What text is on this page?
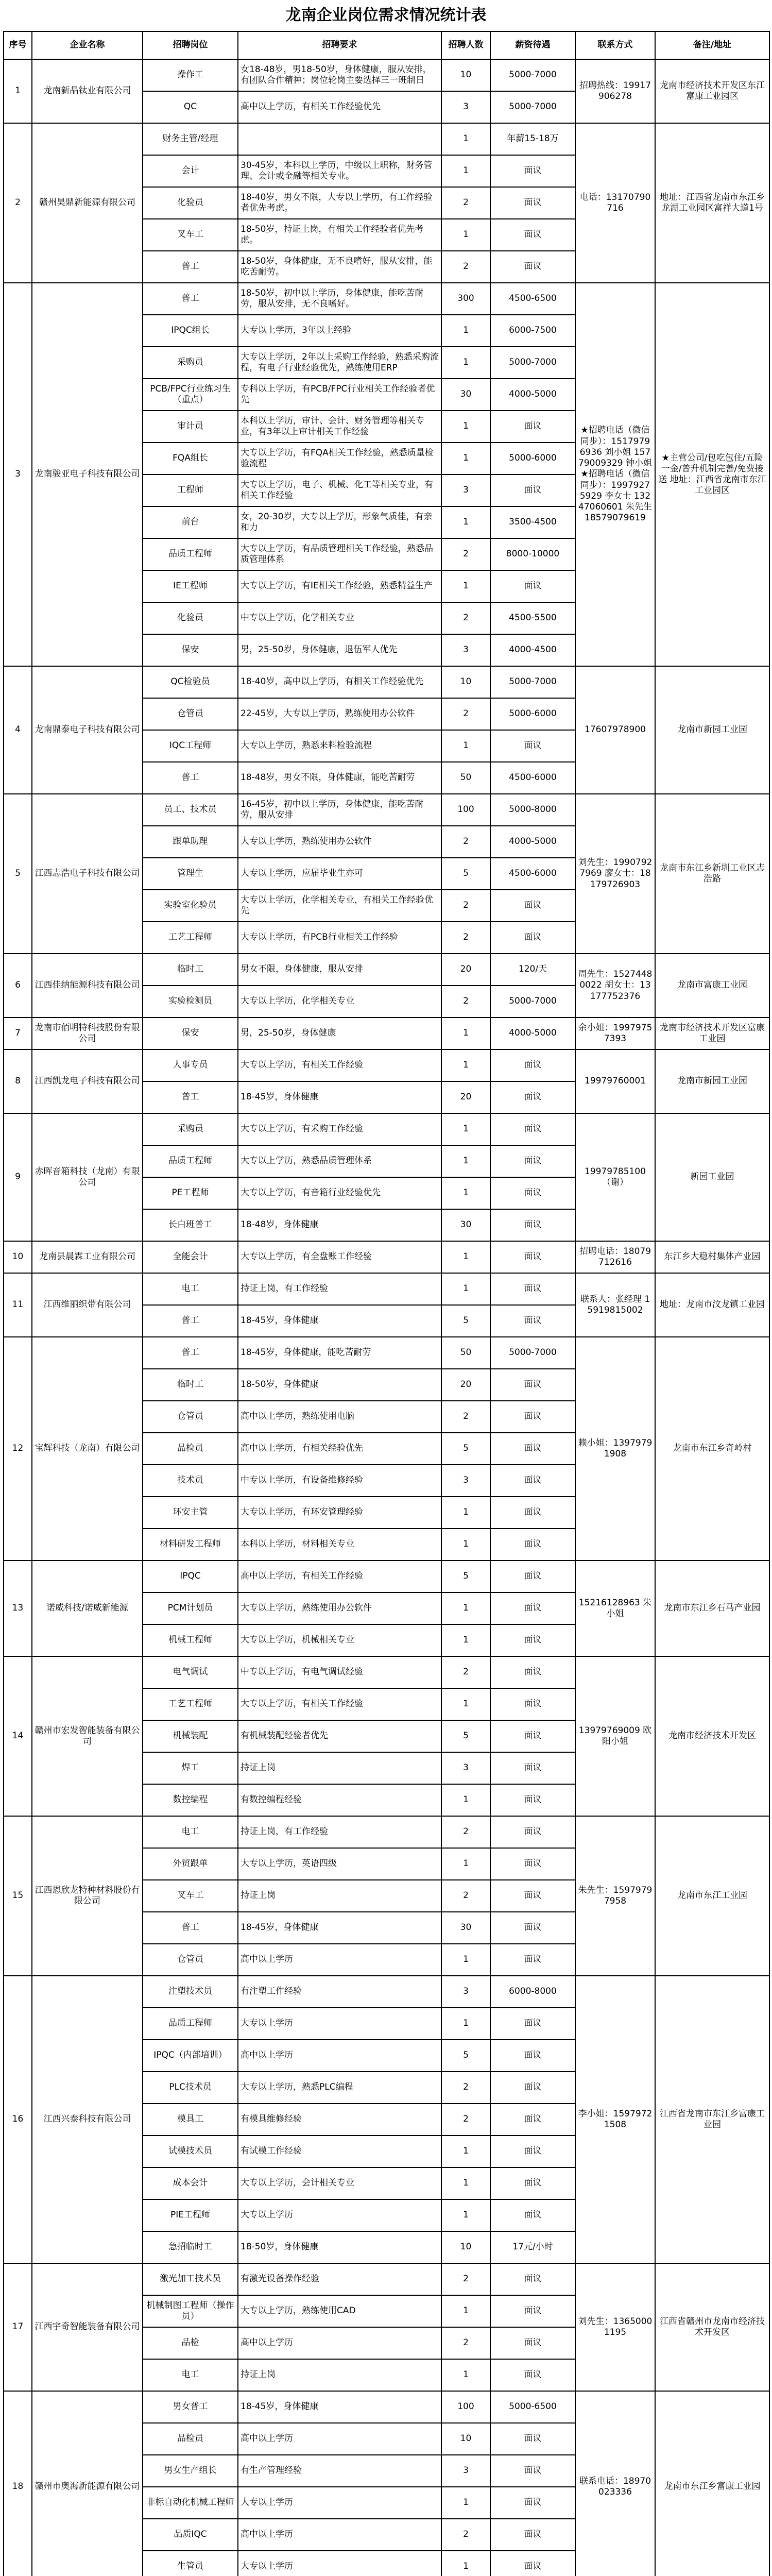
龙南企业岗位需求情况统计表
序号	企业名称	招聘岗位	招聘要求	招聘人数	薪资待遇	联系方式	备注/地址
1	龙南新晶钛业有限公司	操作工	女18-48岁，男18-50岁，身体健康，服从安排，有团队合作精神；岗位轮岗主要选择三一班制日	10	5000-7000	招聘热线：19917906278	龙南市经济技术开发区东江富康工业园区
		QC	高中以上学历，有相关工作经验优先	3	5000-7000		
2	赣州昊鼎新能源有限公司	财务主管/经理		1	年薪15-18万	电话：13170790716	地址：江西省龙南市东江乡龙湖工业园区富祥大道1号
		会计	30-45岁，本科以上学历，中级以上职称，财务管理、会计或金融等相关专业。	1	面议		
		化验员	18-40岁，男女不限，大专以上学历，有工作经验者优先考虑。	2	面议		
		叉车工	18-50岁，持证上岗，有相关工作经验者优先考虑。	1	面议		
		普工	18-50岁，身体健康，无不良嗜好，服从安排，能吃苦耐劳。	2	面议		
3	龙南骏亚电子科技有限公司	普工	18-50岁，初中以上学历，身体健康，能吃苦耐劳，服从安排，无不良嗜好。	300	4500-6500	★招聘电话（微信同步）：15179796936 刘小姐 15779009329 钟小姐 ★招聘电话（微信同步）：19979275929 李女士 13247060601 朱先生 18579079619	★主营公司/包吃包住/五险一金/普升机制完善/免费接送 地址：江西省龙南市东江工业园区
		IPQC组长	大专以上学历，3年以上经验	1	6000-7500		
		采购员	大专以上学历，2年以上采购工作经验，熟悉采购流程，有电子行业经验优先，熟练使用ERP	1	5000-7000		
		PCB/FPC行业练习生（重点）	专科以上学历，有PCB/FPC行业相关工作经验者优先	30	4000-5000		
		审计员	本科以上学历，审计、会计、财务管理等相关专业，有3年以上审计相关工作经验	1	面议		
		FQA组长	大专以上学历，有FQA相关工作经验，熟悉质量检验流程	1	5000-6000		
		工程师	大专以上学历，电子、机械、化工等相关专业，有相关工作经验	3	面议		
		前台	女，20-30岁，大专以上学历，形象气质佳，有亲和力	1	3500-4500		
		品质工程师	大专以上学历，有品质管理相关工作经验，熟悉品质管理体系	2	8000-10000		
		IE工程师	大专以上学历，有IE相关工作经验，熟悉精益生产	1	面议		
		化验员	中专以上学历，化学相关专业	2	4500-5500		
		保安	男，25-50岁，身体健康，退伍军人优先	3	4000-4500		
4	龙南鼎泰电子科技有限公司	QC检验员	18-40岁，高中以上学历，有相关工作经验优先	10	5000-7000	17607978900	龙南市新园工业园
		仓管员	22-45岁，大专以上学历，熟练使用办公软件	2	5000-6000		
		IQC工程师	大专以上学历，熟悉来料检验流程	1	面议		
		普工	18-48岁，男女不限，身体健康，能吃苦耐劳	50	4500-6000		
5	江西志浩电子科技有限公司	员工、技术员	16-45岁，初中以上学历，身体健康，能吃苦耐劳，服从安排	100	5000-8000	刘先生：19907927969 廖女士：18179726903	龙南市东江乡新圳工业区志浩路
		跟单助理	大专以上学历，熟练使用办公软件	2	4000-5000		
		管理生	大专以上学历，应届毕业生亦可	5	4500-6000		
		实验室化验员	大专以上学历，化学相关专业，有相关工作经验优先	2	面议		
		工艺工程师	大专以上学历，有PCB行业相关工作经验	2	面议		
6	江西佳纳能源科技有限公司	临时工	男女不限，身体健康，服从安排	20	120/天	周先生：15274480022 胡女士：13177752376	龙南市富康工业园
		实验检测员	大专以上学历，化学相关专业	2	5000-7000		
7	龙南市佰明特科技股份有限公司	保安	男，25-50岁，身体健康	1	4000-5000	余小姐：19979757393	龙南市经济技术开发区富康工业园
8	江西凯龙电子科技有限公司	人事专员	大专以上学历，有相关工作经验	1	面议	19979760001	龙南市新园工业园
		普工	18-45岁，身体健康	20	面议		
9	赤晖音箱科技（龙南）有限公司	采购员	大专以上学历，有采购工作经验	1	面议	19979785100（谢）	新园工业园
		品质工程师	大专以上学历，熟悉品质管理体系	1	面议		
		PE工程师	大专以上学历，有音箱行业经验优先	1	面议		
		长白班普工	18-48岁，身体健康	30	面议		
10	龙南县晨霖工业有限公司	全能会计	大专以上学历，有全盘账工作经验	1	面议	招聘电话：18079712616	东江乡大稳村集体产业园
11	江西维丽织带有限公司	电工	持证上岗，有工作经验	1	面议	联系人：张经理 15919815002	地址：龙南市汶龙镇工业园
		普工	18-45岁，身体健康	5	面议		
12	宝辉科技（龙南）有限公司	普工	18-45岁，身体健康，能吃苦耐劳	50	5000-7000	赖小姐：13979791908	龙南市东江乡奇岭村
		临时工	18-50岁，身体健康	20	面议		
		仓管员	高中以上学历，熟练使用电脑	2	面议		
		品检员	高中以上学历，有相关经验优先	5	面议		
		技术员	中专以上学历，有设备维修经验	3	面议		
		环安主管	大专以上学历，有环安管理经验	1	面议		
		材料研发工程师	本科以上学历，材料相关专业	1	面议		
13	诺威科技/诺威新能源	IPQC	高中以上学历，有相关工作经验	5	面议	15216128963 朱小姐	龙南市东江乡石马产业园
		PCM计划员	大专以上学历，熟练使用办公软件	1	面议		
		机械工程师	大专以上学历，机械相关专业	1	面议		
14	赣州市宏发智能装备有限公司	电气调试	中专以上学历，有电气调试经验	2	面议	13979769009 欧阳小姐	龙南市经济技术开发区
		工艺工程师	大专以上学历，有相关工作经验	1	面议		
		机械装配	有机械装配经验者优先	5	面议		
		焊工	持证上岗	3	面议		
		数控编程	有数控编程经验	1	面议		
15	江西恩欣龙特种材料股份有限公司	电工	持证上岗，有工作经验	2	面议	朱先生：15979797958	龙南市东江工业园
		外贸跟单	大专以上学历，英语四级	1	面议		
		叉车工	持证上岗	2	面议		
		普工	18-45岁，身体健康	30	面议		
		仓管员	高中以上学历	1	面议		
16	江西兴泰科技有限公司	注塑技术员	有注塑工作经验	3	6000-8000	李小姐：15979721508	江西省龙南市东江乡富康工业园
		品质工程师	大专以上学历	1	面议		
		IPQC（内部培训）	高中以上学历	5	面议		
		PLC技术员	大专以上学历，熟悉PLC编程	2	面议		
		模具工	有模具维修经验	2	面议		
		试模技术员	有试模工作经验	1	面议		
		成本会计	大专以上学历，会计相关专业	1	面议		
		PIE工程师	大专以上学历	1	面议		
		急招临时工	18-50岁，身体健康	10	17元/小时		
17	江西宇奇智能装备有限公司	激光加工技术员	有激光设备操作经验	2	面议	刘先生：13650001195	江西省赣州市龙南市经济技术开发区
		机械制图工程师（操作员）	大专以上学历，熟练使用CAD	1	面议		
		品检	高中以上学历	2	面议		
		电工	持证上岗	1	面议		
18	赣州市奥海新能源有限公司	男女普工	18-45岁，身体健康	100	5000-6500	联系电话：18970023336	龙南市东江乡富康工业园
		品检员	高中以上学历	10	面议		
		男女生产组长	有生产管理经验	3	面议		
		非标自动化机械工程师	大专以上学历	1	面议		
		品质IQC	高中以上学历	2	面议		
		生管员	大专以上学历	1	面议		
